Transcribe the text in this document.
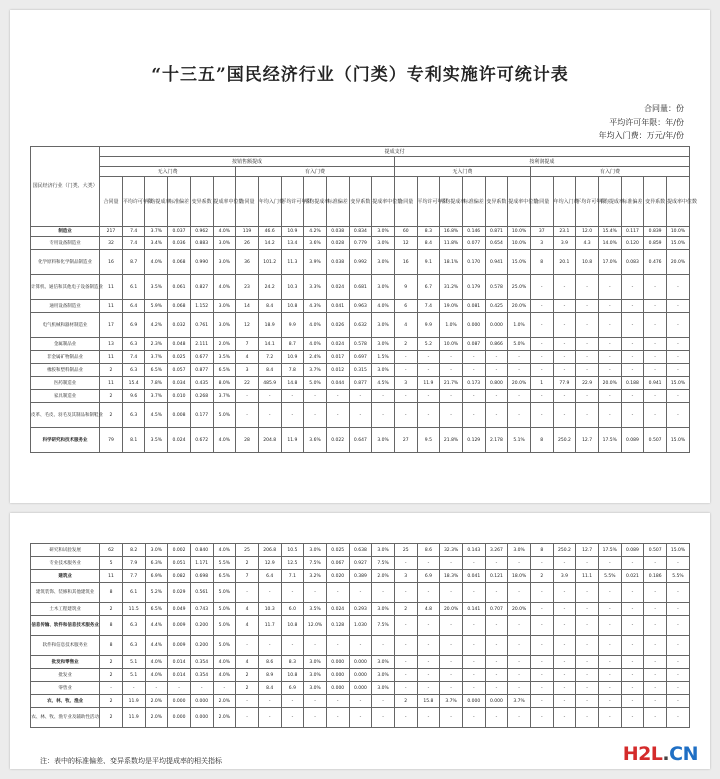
“十三五”国民经济行业（门类）专利实施许可统计表
合同量：份
平均许可年限：年/份
年均入门费：万元/年/份
国民经济行业（门类、大类）	提成支付																									
	按销售额提成													按利润提成												
	无入门费						有入门费							无入门费						有入门费						
	合同量	平均许可年限	平均提成率	标准偏差	变异系数	提成率中位数	合同量	年均入门费	平均许可年限	平均提成率	标准偏差	变异系数	提成率中位数	合同量	平均许可年限	平均提成率	标准偏差	变异系数	提成率中位数	合同量	年均入门费	平均许可年限	平均提成率	标准偏差	变异系数	提成率中位数
制造业	217	7.4	3.7%	0.037	0.962	4.0%	119	46.6	10.9	4.2%	0.038	0.834	3.0%	60	8.3	16.8%	0.146	0.871	10.0%	37	23.1	12.0	15.4%	0.117	0.839	10.0%
专用设备制造业	32	7.4	3.4%	0.036	0.883	3.0%	26	14.2	13.4	3.6%	0.028	0.779	3.0%	12	8.4	11.8%	0.077	0.654	10.0%	3	3.9	4.3	14.0%	0.120	0.859	15.0%
化学原料和化学制品制造业	16	8.7	4.0%	0.068	0.990	3.0%	36	101.2	11.3	3.9%	0.038	0.992	3.0%	16	9.1	18.1%	0.170	0.941	15.0%	8	20.1	10.8	17.0%	0.083	0.476	20.0%
计算机、通信和其他电子设备制造业	11	6.1	3.5%	0.061	0.827	4.0%	23	24.2	10.3	3.3%	0.024	0.681	3.0%	9	6.7	31.2%	0.179	0.578	25.0%	-	-	-	-	-	-	-
通用设备制造业	11	6.4	5.9%	0.068	1.152	3.0%	14	8.4	10.8	4.3%	0.041	0.963	4.0%	6	7.4	19.0%	0.081	0.425	20.0%	-	-	-	-	-	-	-
电气机械和器材制造业	17	6.9	4.2%	0.032	0.761	3.0%	12	18.9	9.9	4.0%	0.026	0.632	3.0%	4	9.9	1.0%	0.000	0.000	1.0%	-	-	-	-	-	-	-
金属制品业	13	6.3	2.3%	0.048	2.111	2.0%	7	14.1	8.7	4.0%	0.024	0.578	3.0%	2	5.2	10.0%	0.087	0.866	5.0%	-	-	-	-	-	-	-
非金属矿物制品业	11	7.4	3.7%	0.025	0.677	3.5%	4	7.2	10.9	2.4%	0.017	0.697	1.5%	-	-	-	-	-	-	-	-	-	-	-	-	-
橡胶和塑料制品业	2	6.3	6.5%	0.057	0.877	6.5%	3	8.4	7.8	3.7%	0.012	0.315	3.0%	-	-	-	-	-	-	-	-	-	-	-	-	-
医药制造业	11	15.4	7.8%	0.034	0.435	8.0%	22	485.9	14.8	5.0%	0.044	0.877	4.5%	3	11.9	21.7%	0.173	0.800	20.0%	1	77.9	22.9	20.0%	0.188	0.941	15.0%
家具制造业	2	9.6	3.7%	0.010	0.268	3.7%	-	-	-	-	-	-	-	-	-	-	-	-	-	-	-	-	-	-	-	-
皮革、毛皮、羽毛及其制品和制鞋业	2	6.3	4.5%	0.008	0.177	5.0%	-	-	-	-	-	-	-	-	-	-	-	-	-	-	-	-	-	-	-	-
科学研究和技术服务业	79	8.1	3.5%	0.024	0.672	4.0%	28	204.8	11.9	3.6%	0.022	0.647	3.0%	27	9.5	21.8%	0.129	2.178	5.1%	8	250.2	12.7	17.5%	0.089	0.507	15.0%
研究和试验发展	62	8.2	3.0%	0.002	0.840	4.0%	25	206.8	10.5	3.0%	0.025	0.638	3.0%	25	8.6	32.3%	0.143	3.267	3.0%	8	250.2	12.7	17.5%	0.089	0.507	15.0%
专业技术服务业	5	7.9	6.3%	0.051	1.171	5.5%	2	12.9	12.5	7.5%	0.067	0.927	7.5%	-	-	-	-	-	-	-	-	-	-	-	-	-
建筑业	11	7.7	6.9%	0.082	0.698	6.5%	7	6.4	7.1	3.2%	0.020	0.389	2.0%	3	6.9	18.3%	0.041	0.121	18.0%	2	3.9	11.1	5.5%	0.021	0.186	5.5%
建筑装饰、装修和其他建筑业	8	6.1	5.2%	0.029	0.561	5.0%	-	-	-	-	-	-	-	-	-	-	-	-	-	-	-	-	-	-	-	-
土木工程建筑业	2	11.5	6.5%	0.049	0.743	5.0%	4	10.3	6.0	3.5%	0.024	0.293	3.0%	2	4.8	20.0%	0.141	0.707	20.0%	-	-	-	-	-	-	-
信息传输、软件和信息技术服务业	8	6.3	4.4%	0.009	0.200	5.0%	4	11.7	10.8	12.0%	0.128	1.030	7.5%	-	-	-	-	-	-	-	-	-	-	-	-	-
软件和信息技术服务业	8	6.3	4.4%	0.009	0.200	5.0%	-	-	-	-	-	-	-	-	-	-	-	-	-	-	-	-	-	-	-	-
批发和零售业	2	5.1	4.0%	0.014	0.354	4.0%	4	8.6	8.3	3.0%	0.000	0.000	3.0%	-	-	-	-	-	-	-	-	-	-	-	-	-
批发业	2	5.1	4.0%	0.014	0.354	4.0%	2	8.9	10.8	3.0%	0.000	0.000	3.0%	-	-	-	-	-	-	-	-	-	-	-	-	-
零售业	-	-	-	-	-	-	2	8.4	6.9	3.0%	0.000	0.000	3.0%	-	-	-	-	-	-	-	-	-	-	-	-	-
农、林、牧、渔业	2	11.9	2.0%	0.000	0.000	2.0%	-	-	-	-	-	-	-	2	15.8	3.7%	0.000	0.000	3.7%	-	-	-	-	-	-	-
农、林、牧、渔专业及辅助性活动	2	11.9	2.0%	0.000	0.000	2.0%	-	-	-	-	-	-	-	-	-	-	-	-	-	-	-	-	-	-	-	-
注：表中的标准偏差、变异系数均是平均提成率的相关指标	H2L.CN
